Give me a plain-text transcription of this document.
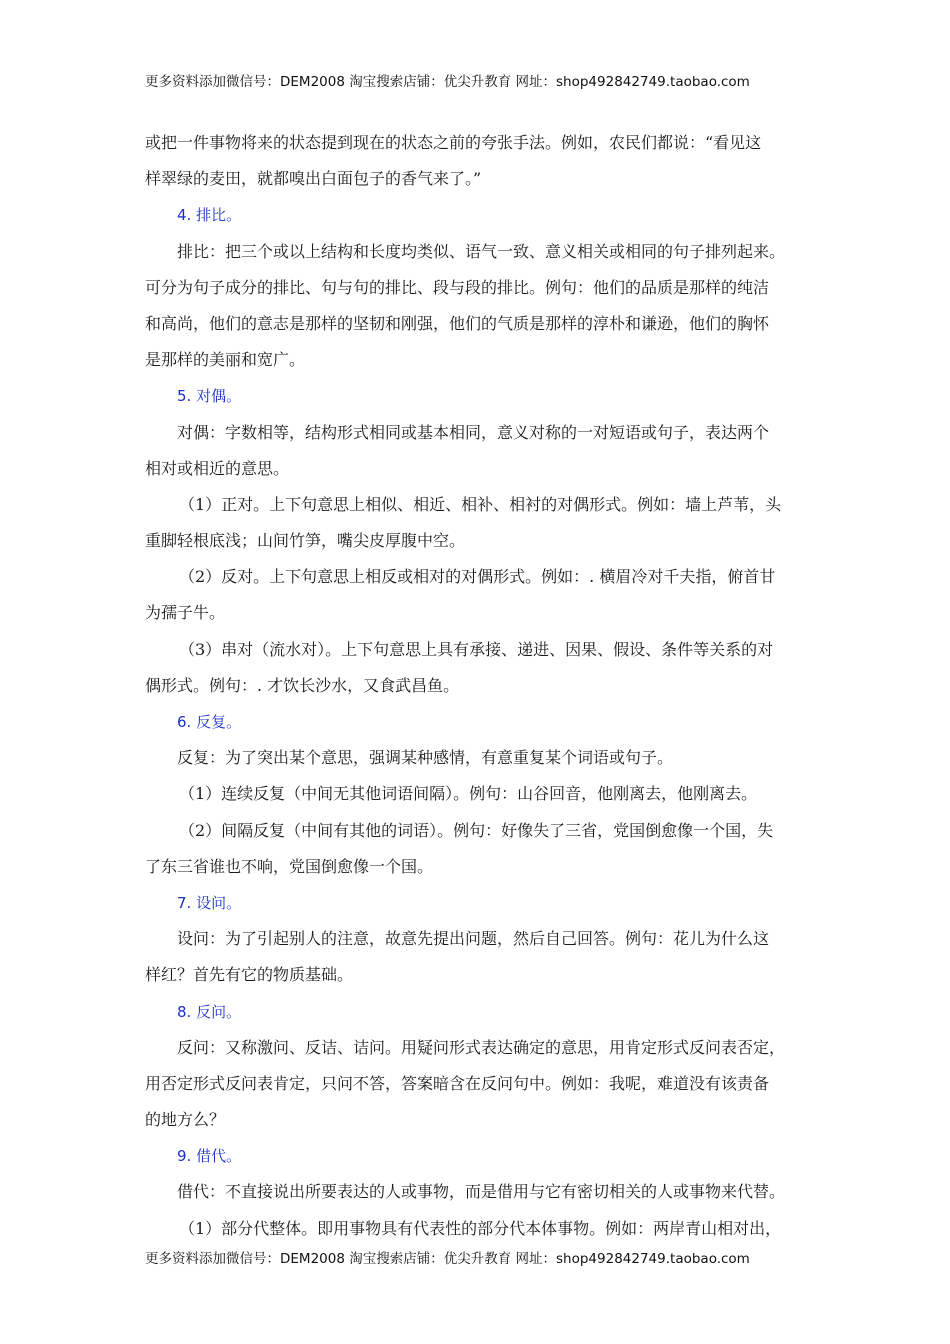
更多资料添加微信号：DEM2008 淘宝搜索店铺：优尖升教育 网址：shop492842749.taobao.com
或把一件事物将来的状态提到现在的状态之前的夸张手法。例如，农民们都说：“看见这
样翠绿的麦田，就都嗅出白面包子的香气来了。”
4. 排比。
排比：把三个或以上结构和长度均类似、语气一致、意义相关或相同的句子排列起来。
可分为句子成分的排比、句与句的排比、段与段的排比。例句：他们的品质是那样的纯洁
和高尚，他们的意志是那样的坚韧和刚强，他们的气质是那样的淳朴和谦逊，他们的胸怀
是那样的美丽和宽广。
5. 对偶。
对偶：字数相等，结构形式相同或基本相同，意义对称的一对短语或句子，表达两个
相对或相近的意思。
（1）正对。上下句意思上相似、相近、相补、相衬的对偶形式。例如：墙上芦苇，头
重脚轻根底浅；山间竹笋，嘴尖皮厚腹中空。
（2）反对。上下句意思上相反或相对的对偶形式。例如：. 横眉冷对千夫指，俯首甘
为孺子牛。
（3）串对（流水对）。上下句意思上具有承接、递进、因果、假设、条件等关系的对
偶形式。例句：. 才饮长沙水，又食武昌鱼。
6. 反复。
反复：为了突出某个意思，强调某种感情，有意重复某个词语或句子。
（1）连续反复（中间无其他词语间隔）。例句：山谷回音，他刚离去，他刚离去。
（2）间隔反复（中间有其他的词语）。例句：好像失了三省，党国倒愈像一个国，失
了东三省谁也不响，党国倒愈像一个国。
7. 设问。
设问：为了引起别人的注意，故意先提出问题，然后自己回答。例句：花儿为什么这
样红？首先有它的物质基础。
8. 反问。
反问：又称激问、反诘、诘问。用疑问形式表达确定的意思，用肯定形式反问表否定，
用否定形式反问表肯定，只问不答，答案暗含在反问句中。例如：我呢，难道没有该责备
的地方么？
9. 借代。
借代：不直接说出所要表达的人或事物，而是借用与它有密切相关的人或事物来代替。
（1）部分代整体。即用事物具有代表性的部分代本体事物。例如：两岸青山相对出，
更多资料添加微信号：DEM2008 淘宝搜索店铺：优尖升教育 网址：shop492842749.taobao.com
